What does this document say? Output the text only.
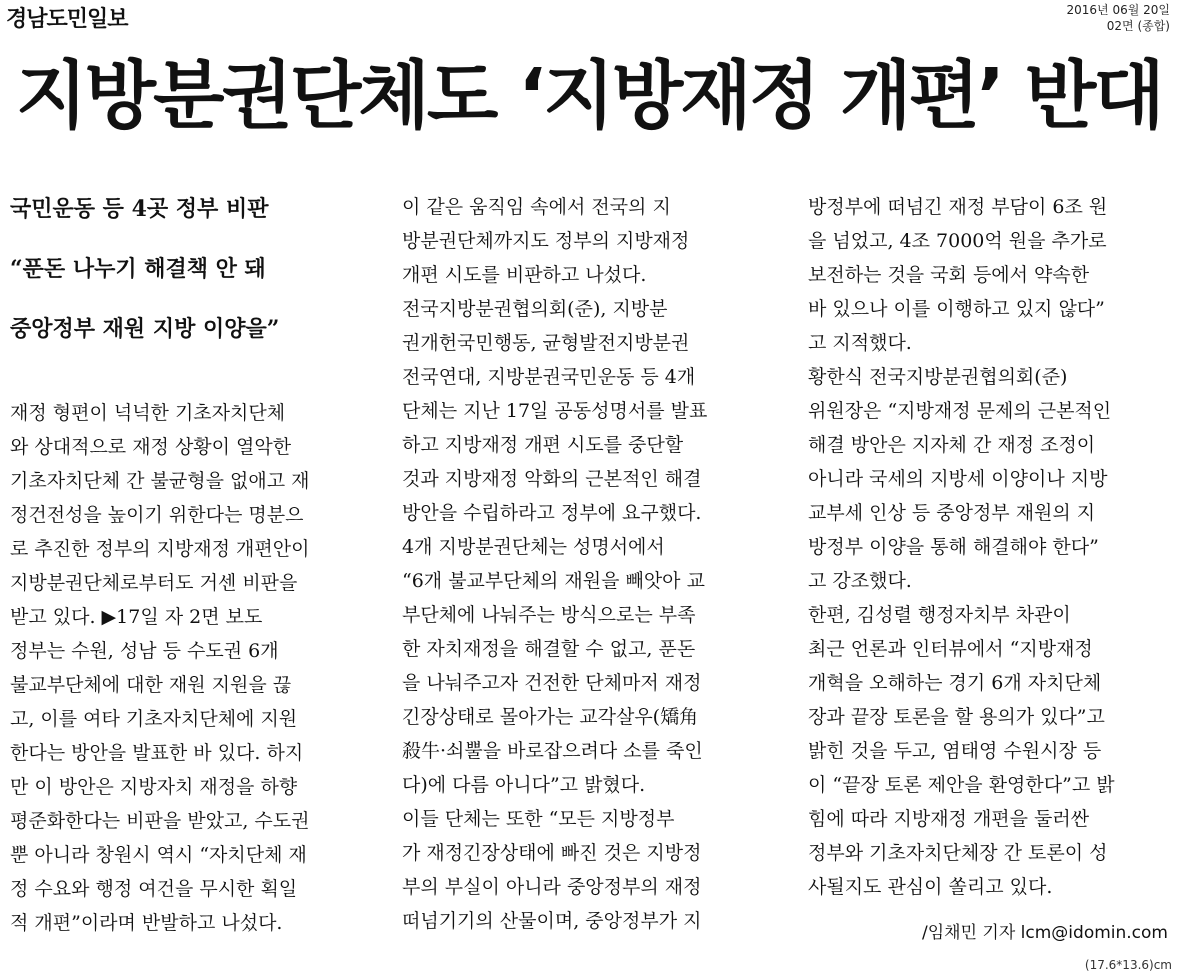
경남도민일보	2016년 06월 20일
02면 (종합)
지방분권단체도 ‘지방재정 개편’ 반대
국민운동 등 4곳 정부 비판
“푼돈 나누기 해결책 안 돼
중앙정부 재원 지방 이양을”
재정 형편이 넉넉한 기초자치단체
와 상대적으로 재정 상황이 열악한
기초자치단체 간 불균형을 없애고 재
정건전성을 높이기 위한다는 명분으
로 추진한 정부의 지방재정 개편안이
지방분권단체로부터도 거센 비판을
받고 있다. ▶17일 자 2면 보도
정부는 수원, 성남 등 수도권 6개
불교부단체에 대한 재원 지원을 끊
고, 이를 여타 기초자치단체에 지원
한다는 방안을 발표한 바 있다. 하지
만 이 방안은 지방자치 재정을 하향
평준화한다는 비판을 받았고, 수도권
뿐 아니라 창원시 역시 “자치단체 재
정 수요와 행정 여건을 무시한 획일
적 개편”이라며 반발하고 나섰다.
이 같은 움직임 속에서 전국의 지
방분권단체까지도 정부의 지방재정
개편 시도를 비판하고 나섰다.
전국지방분권협의회(준), 지방분
권개헌국민행동, 균형발전지방분권
전국연대, 지방분권국민운동 등 4개
단체는 지난 17일 공동성명서를 발표
하고 지방재정 개편 시도를 중단할
것과 지방재정 악화의 근본적인 해결
방안을 수립하라고 정부에 요구했다.
4개 지방분권단체는 성명서에서
“6개 불교부단체의 재원을 빼앗아 교
부단체에 나눠주는 방식으로는 부족
한 자치재정을 해결할 수 없고, 푼돈
을 나눠주고자 건전한 단체마저 재정
긴장상태로 몰아가는 교각살우(矯角
殺牛·쇠뿔을 바로잡으려다 소를 죽인
다)에 다름 아니다”고 밝혔다.
이들 단체는 또한 “모든 지방정부
가 재정긴장상태에 빠진 것은 지방정
부의 부실이 아니라 중앙정부의 재정
떠넘기기의 산물이며, 중앙정부가 지
방정부에 떠넘긴 재정 부담이 6조 원
을 넘었고, 4조 7000억 원을 추가로
보전하는 것을 국회 등에서 약속한
바 있으나 이를 이행하고 있지 않다”
고 지적했다.
황한식 전국지방분권협의회(준)
위원장은 “지방재정 문제의 근본적인
해결 방안은 지자체 간 재정 조정이
아니라 국세의 지방세 이양이나 지방
교부세 인상 등 중앙정부 재원의 지
방정부 이양을 통해 해결해야 한다”
고 강조했다.
한편, 김성렬 행정자치부 차관이
최근 언론과 인터뷰에서 “지방재정
개혁을 오해하는 경기 6개 자치단체
장과 끝장 토론을 할 용의가 있다”고
밝힌 것을 두고, 염태영 수원시장 등
이 “끝장 토론 제안을 환영한다”고 밝
힘에 따라 지방재정 개편을 둘러싼
정부와 기초자치단체장 간 토론이 성
사될지도 관심이 쏠리고 있다.
/임채민 기자 lcm@idomin.com
(17.6*13.6)cm
